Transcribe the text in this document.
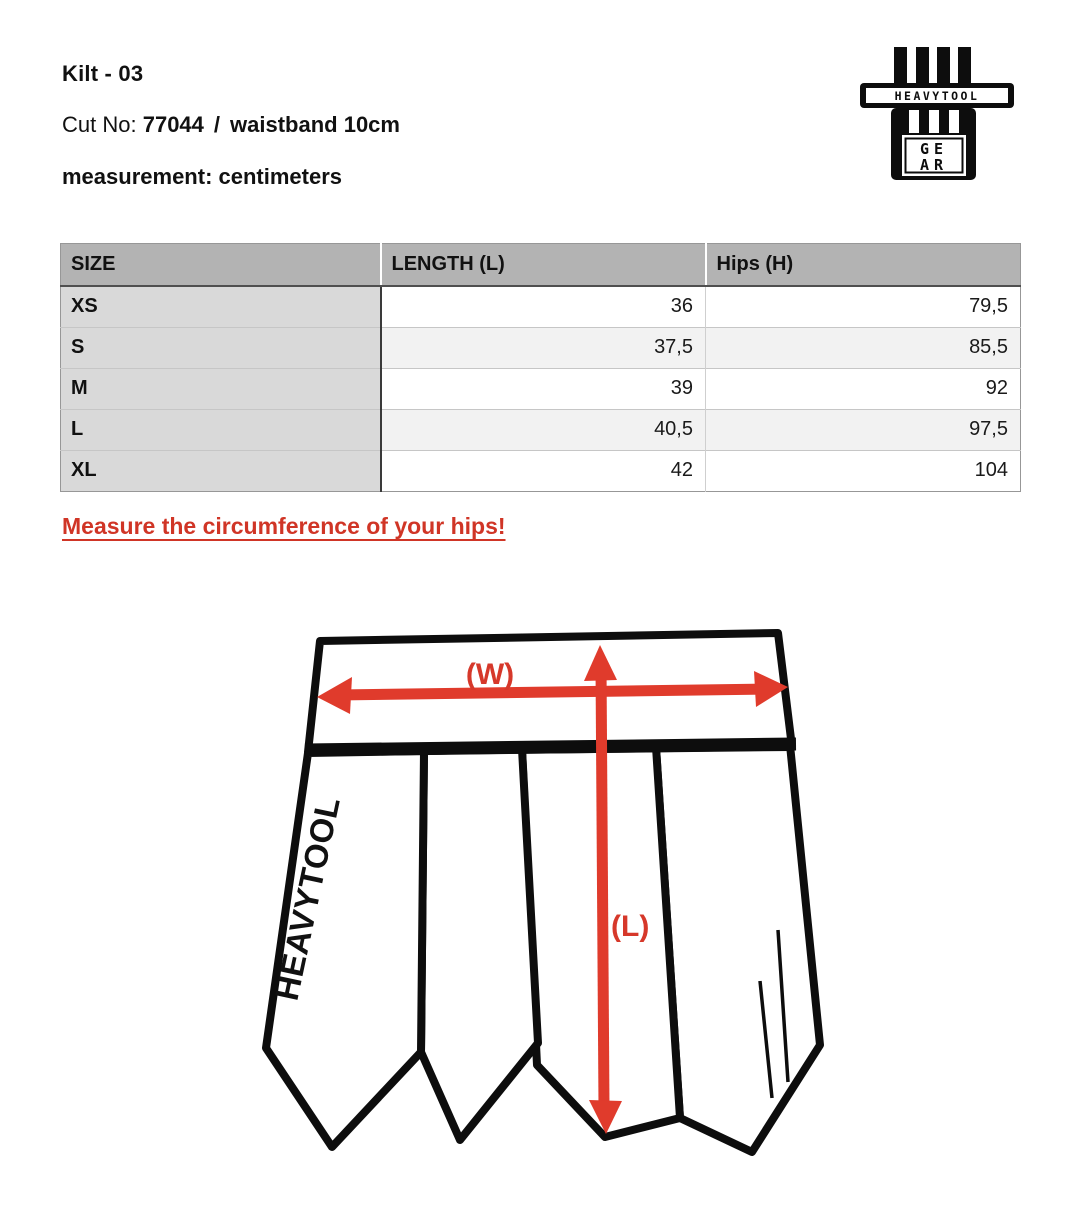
Kilt - 03
Cut No: 77044 / waistband 10cm
measurement: centimeters
HEAVYTOOL
GE
AR
SIZE	LENGTH (L)	Hips (H)
XS	36	79,5
S	37,5	85,5
M	39	92
L	40,5	97,5
XL	42	104
Measure the circumference of your hips!
HEAVYTOOL
(W)
(L)
